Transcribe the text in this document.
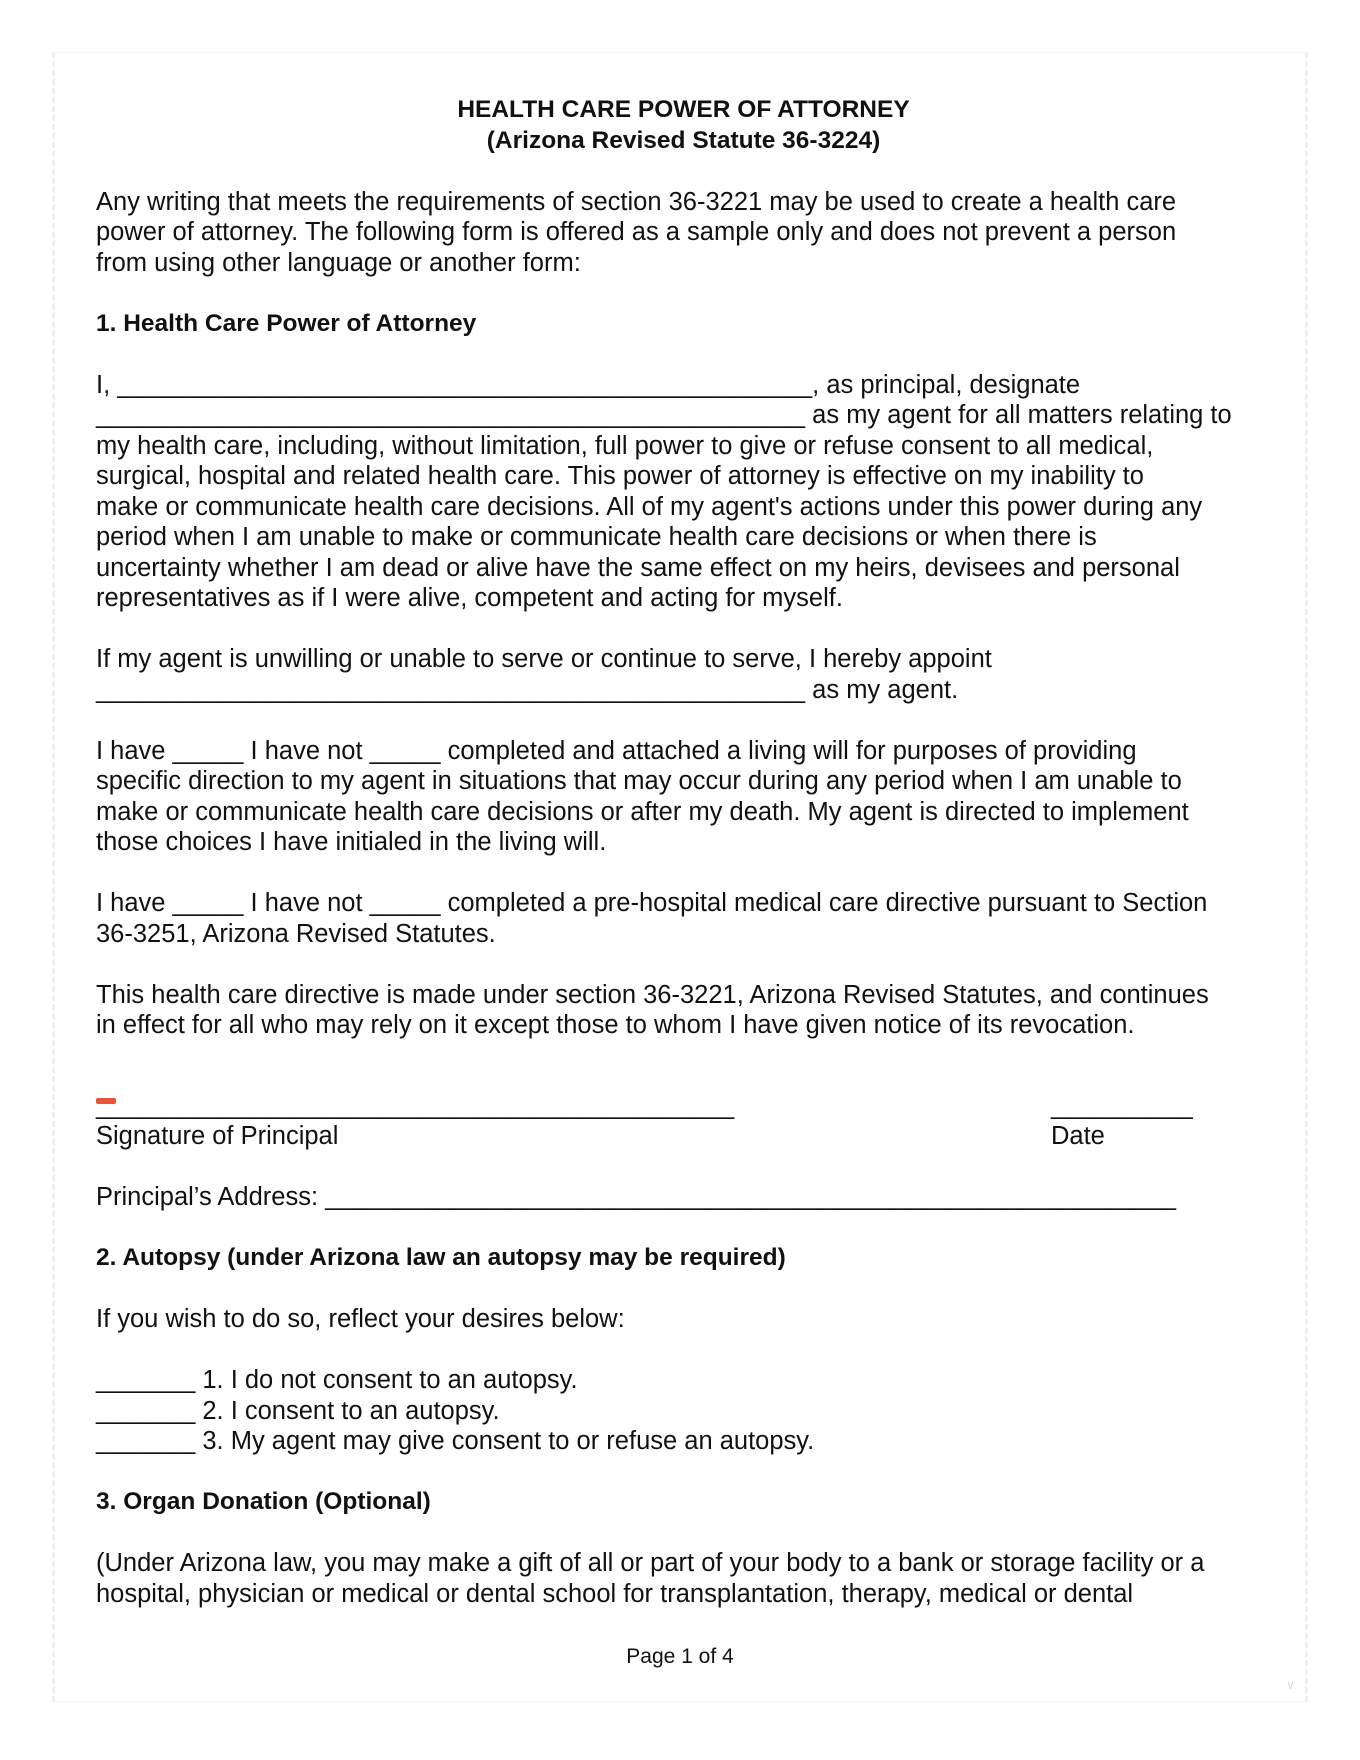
HEALTH CARE POWER OF ATTORNEY

(Arizona Revised Statute 36-3224)

Any writing that meets the requirements of section 36-3221 may be used to create a health care
power of attorney. The following form is offered as a sample only and does not prevent a person
from using other language or another form:

1. Health Care Power of Attorney

I, _________________________________________________, as principal, designate
__________________________________________________ as my agent for all matters relating to
my health care, including, without limitation, full power to give or refuse consent to all medical,
surgical, hospital and related health care. This power of attorney is effective on my inability to
make or communicate health care decisions. All of my agent's actions under this power during any
period when I am unable to make or communicate health care decisions or when there is
uncertainty whether I am dead or alive have the same effect on my heirs, devisees and personal
representatives as if I were alive, competent and acting for myself.

If my agent is unwilling or unable to serve or continue to serve, I hereby appoint
__________________________________________________ as my agent.

I have _____ I have not _____ completed and attached a living will for purposes of providing
specific direction to my agent in situations that may occur during any period when I am unable to
make or communicate health care decisions or after my death. My agent is directed to implement
those choices I have initialed in the living will.

I have _____ I have not _____ completed a pre-hospital medical care directive pursuant to Section
36-3251, Arizona Revised Statutes.

This health care directive is made under section 36-3221, Arizona Revised Statutes, and continues
in effect for all who may rely on it except those to whom I have given notice of its revocation.

_____________________________________________	__________
Signature of Principal	Date

Principal’s Address: ____________________________________________________________

2. Autopsy (under Arizona law an autopsy may be required)

If you wish to do so, reflect your desires below:

_______ 1. I do not consent to an autopsy.
_______ 2. I consent to an autopsy.
_______ 3. My agent may give consent to or refuse an autopsy.

3. Organ Donation (Optional)

(Under Arizona law, you may make a gift of all or part of your body to a bank or storage facility or a
hospital, physician or medical or dental school for transplantation, therapy, medical or dental

Page 1 of 4
∨
